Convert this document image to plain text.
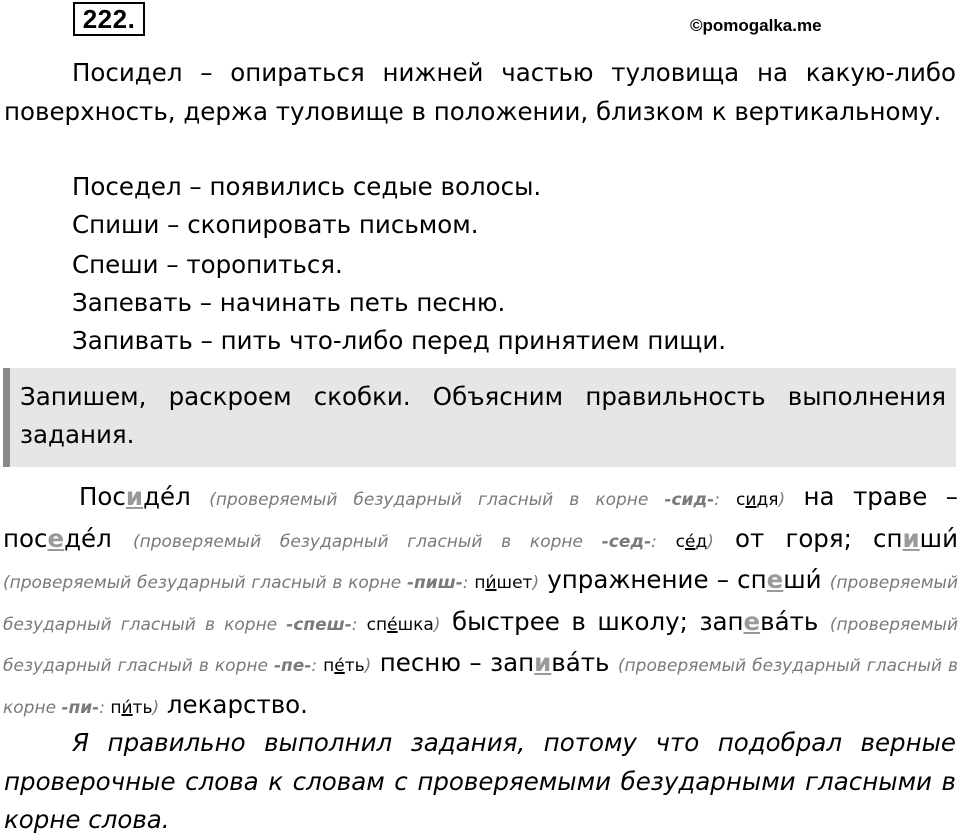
222.	©pomogalka.me
Посидел – опираться нижней частью туловища на какую-либо поверхность, держа туловище в положении, близком к вертикальному.
Поседел – появились седые волосы.
Спиши – скопировать письмом.
Спеши – торопиться.
Запевать – начинать петь песню.
Запивать – пить что-либо перед принятием пищи.
Запишем, раскроем скобки. Объясним правильность выполнения задания.
Посиде́л (проверяемый безударный гласный в корне -сид-: сидя) на траве – поседе́л (проверяемый безударный гласный в корне -сед-: се́д) от горя; спиши́ (проверяемый безударный гласный в корне -пиш-: пи́шет) упражнение – спеши́ (проверяемый безударный гласный в корне -спеш-: спе́шка) быстрее в школу; запева́ть (проверяемый безударный гласный в корне -пе-: пе́ть) песню – запива́ть (проверяемый безударный гласный в корне -пи-: пи́ть) лекарство.
Я правильно выполнил задания, потому что подобрал верные проверочные слова к словам с проверяемыми безударными гласными в корне слова.
